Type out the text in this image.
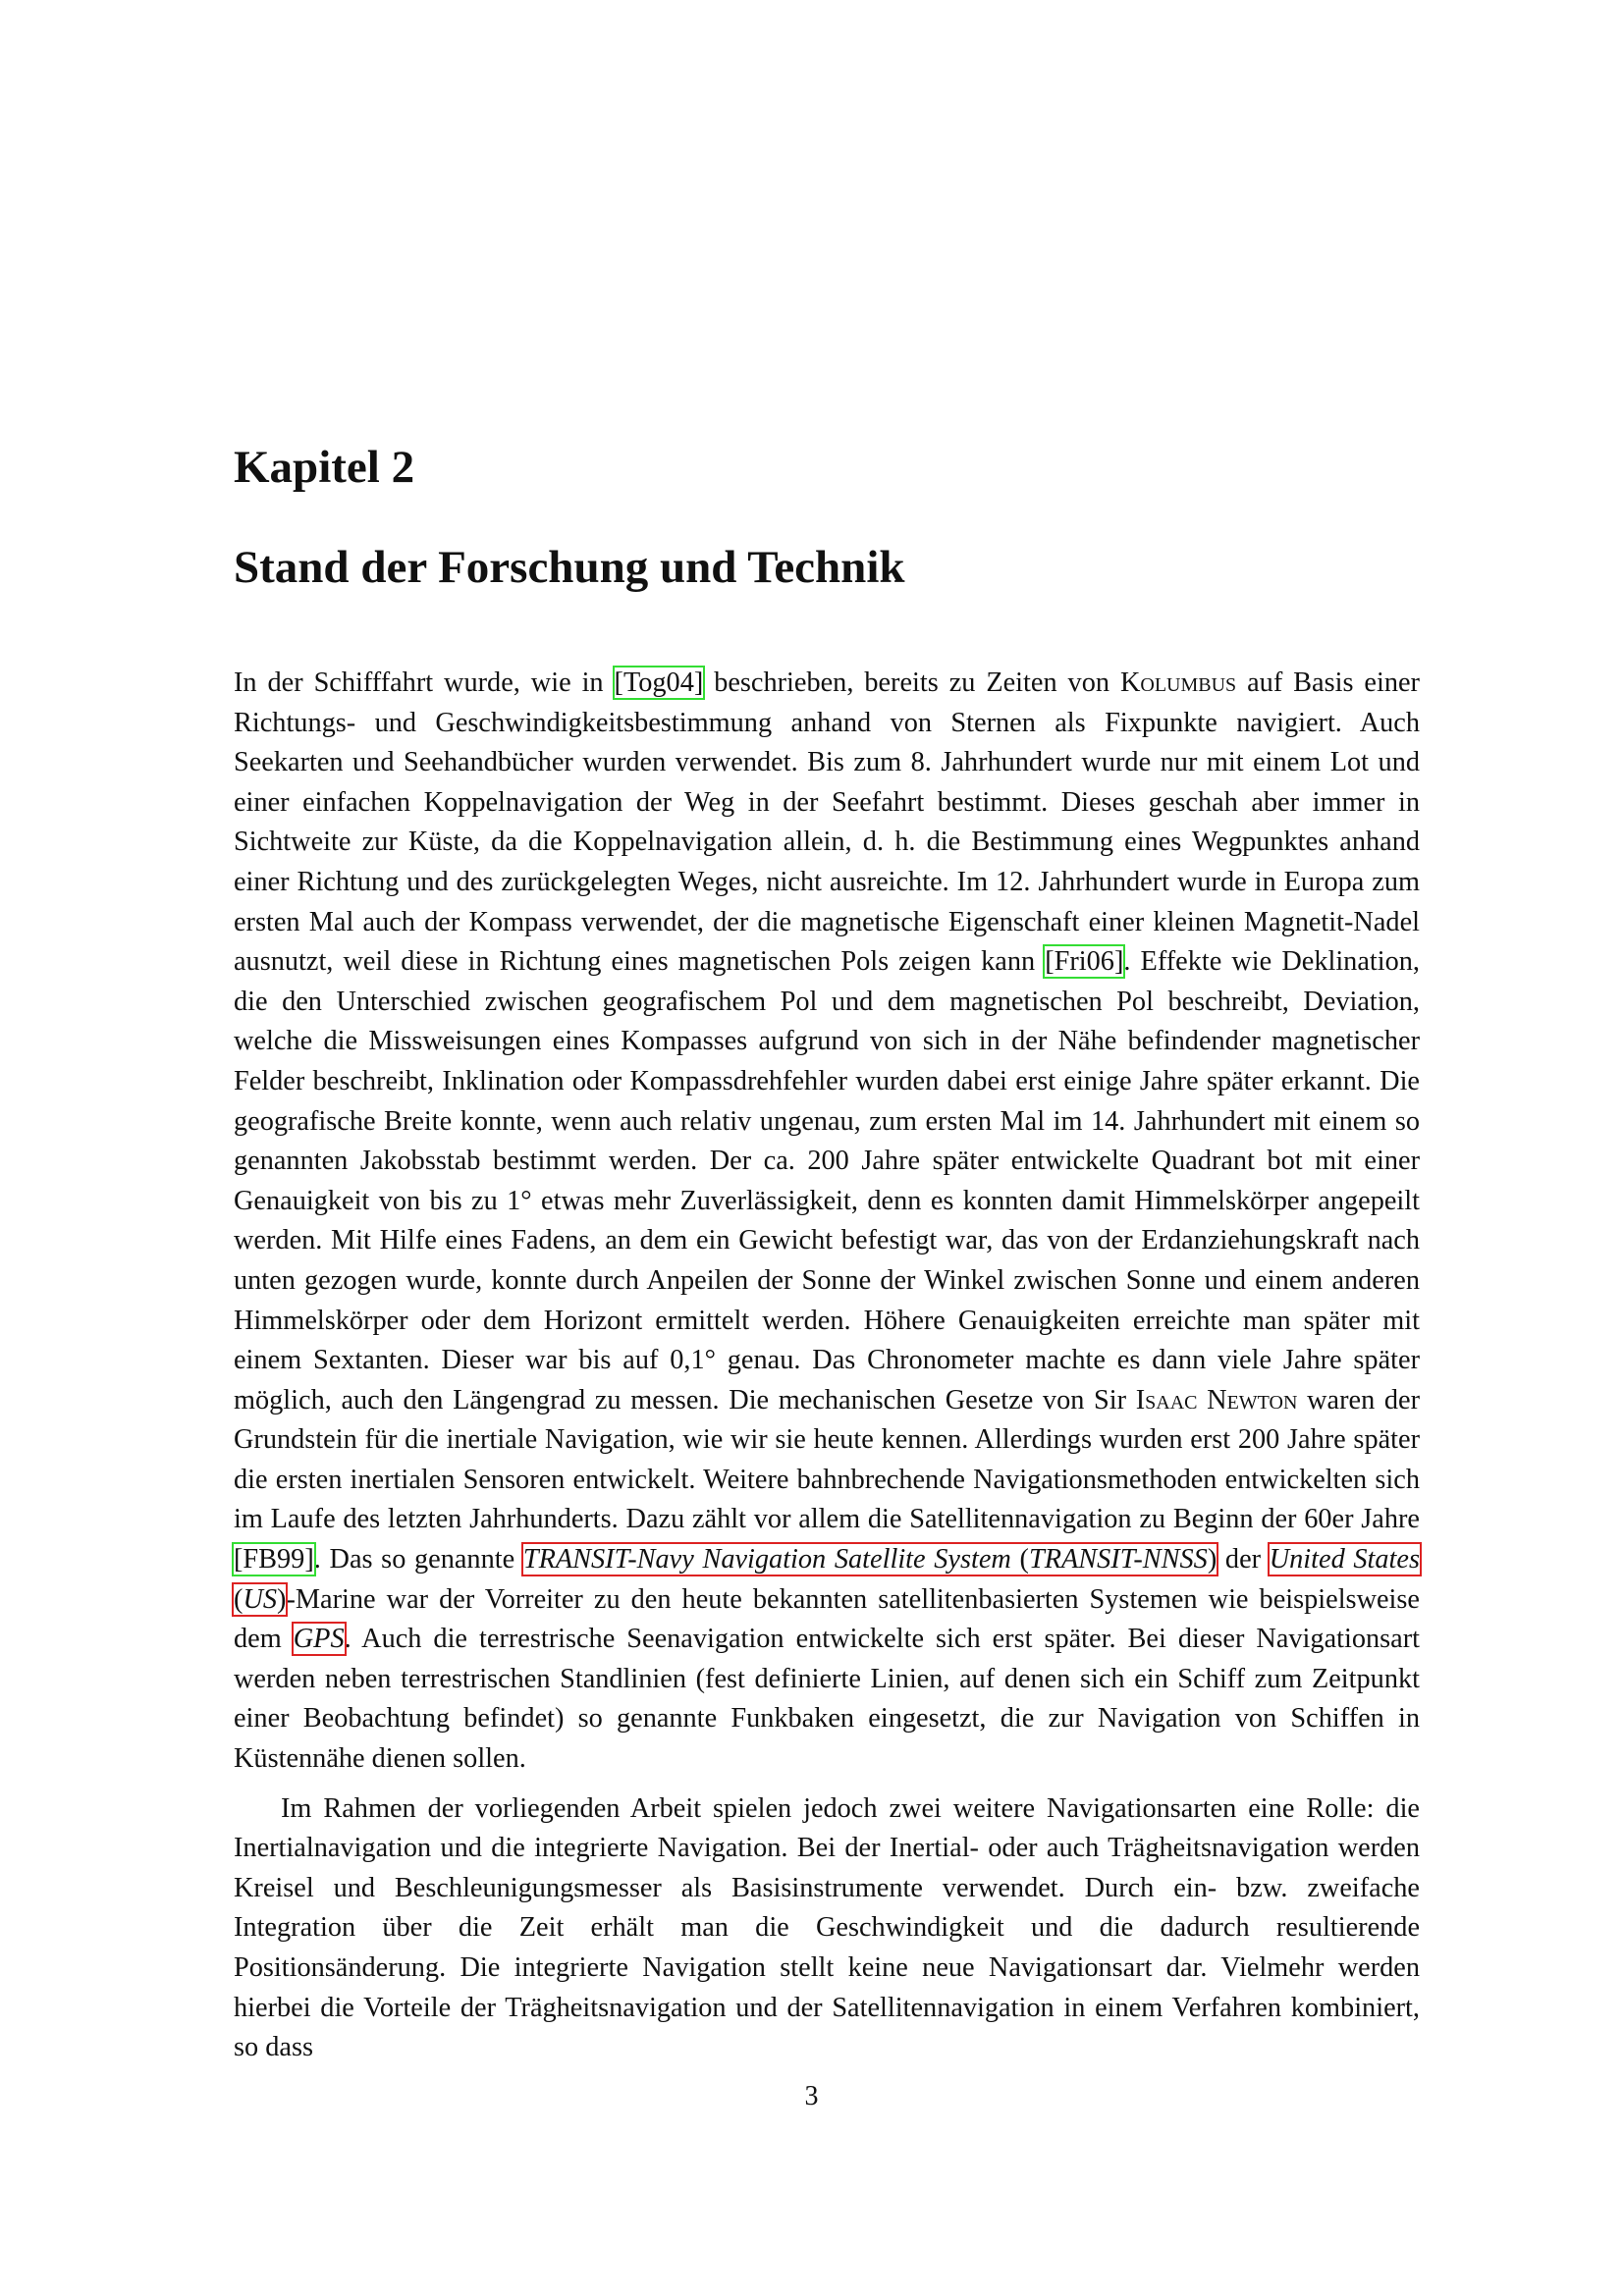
Kapitel 2
Stand der Forschung und Technik

In der Schifffahrt wurde, wie in [Tog04] beschrieben, bereits zu Zeiten von Kolumbus auf Basis einer Richtungs- und Geschwindigkeitsbestimmung anhand von Sternen als Fixpunkte navigiert. Auch Seekarten und Seehandbücher wurden verwendet. Bis zum 8. Jahrhundert wurde nur mit einem Lot und einer einfachen Koppelnavigation der Weg in der Seefahrt bestimmt. Dieses geschah aber immer in Sichtweite zur Küste, da die Koppelnavigation allein, d. h. die Bestimmung eines Wegpunktes anhand einer Richtung und des zurückgelegten Weges, nicht ausreichte. Im 12. Jahrhundert wurde in Europa zum ersten Mal auch der Kompass verwendet, der die magnetische Eigenschaft einer kleinen Magnetit-Nadel ausnutzt, weil diese in Richtung eines magnetischen Pols zeigen kann [Fri06]. Effekte wie Deklination, die den Unterschied zwischen geografischem Pol und dem magnetischen Pol beschreibt, Deviation, welche die Missweisungen eines Kompasses aufgrund von sich in der Nähe befindender magnetischer Felder beschreibt, Inklination oder Kompassdrehfehler wurden dabei erst einige Jahre später erkannt. Die geografische Breite konnte, wenn auch relativ ungenau, zum ersten Mal im 14. Jahrhundert mit einem so genannten Jakobsstab bestimmt werden. Der ca. 200 Jahre später entwickelte Quadrant bot mit einer Genauigkeit von bis zu 1° etwas mehr Zuverlässigkeit, denn es konnten damit Himmelskörper angepeilt werden. Mit Hilfe eines Fadens, an dem ein Gewicht befestigt war, das von der Erdanziehungskraft nach unten gezogen wurde, konnte durch Anpeilen der Sonne der Winkel zwischen Sonne und einem anderen Himmelskörper oder dem Horizont ermittelt werden. Höhere Genauigkeiten erreichte man später mit einem Sextanten. Dieser war bis auf 0,1° genau. Das Chronometer machte es dann viele Jahre später möglich, auch den Längengrad zu messen. Die mechanischen Gesetze von Sir Isaac Newton waren der Grundstein für die inertiale Navigation, wie wir sie heute kennen. Allerdings wurden erst 200 Jahre später die ersten inertialen Sensoren entwickelt. Weitere bahnbrechende Navigationsmethoden entwickelten sich im Laufe des letzten Jahrhunderts. Dazu zählt vor allem die Satellitennavigation zu Beginn der 60er Jahre [FB99]. Das so genannte TRANSIT-Navy Navigation Satellite System (TRANSIT-NNSS) der United States (US)-Marine war der Vorreiter zu den heute bekannten satellitenbasierten Systemen wie beispielsweise dem GPS. Auch die terrestrische Seenavigation entwickelte sich erst später. Bei dieser Navigationsart werden neben terrestrischen Standlinien (fest definierte Linien, auf denen sich ein Schiff zum Zeitpunkt einer Beobachtung befindet) so genannte Funkbaken eingesetzt, die zur Navigation von Schiffen in Küstennähe dienen sollen.

Im Rahmen der vorliegenden Arbeit spielen jedoch zwei weitere Navigationsarten eine Rolle: die Inertialnavigation und die integrierte Navigation. Bei der Inertial- oder auch Trägheitsnavigation werden Kreisel und Beschleunigungsmesser als Basisinstrumente verwendet. Durch ein- bzw. zweifache Integration über die Zeit erhält man die Geschwindigkeit und die dadurch resultierende Positionsänderung. Die integrierte Navigation stellt keine neue Navigationsart dar. Vielmehr werden hierbei die Vorteile der Trägheitsnavigation und der Satellitennavigation in einem Verfahren kombiniert, so dass

3
